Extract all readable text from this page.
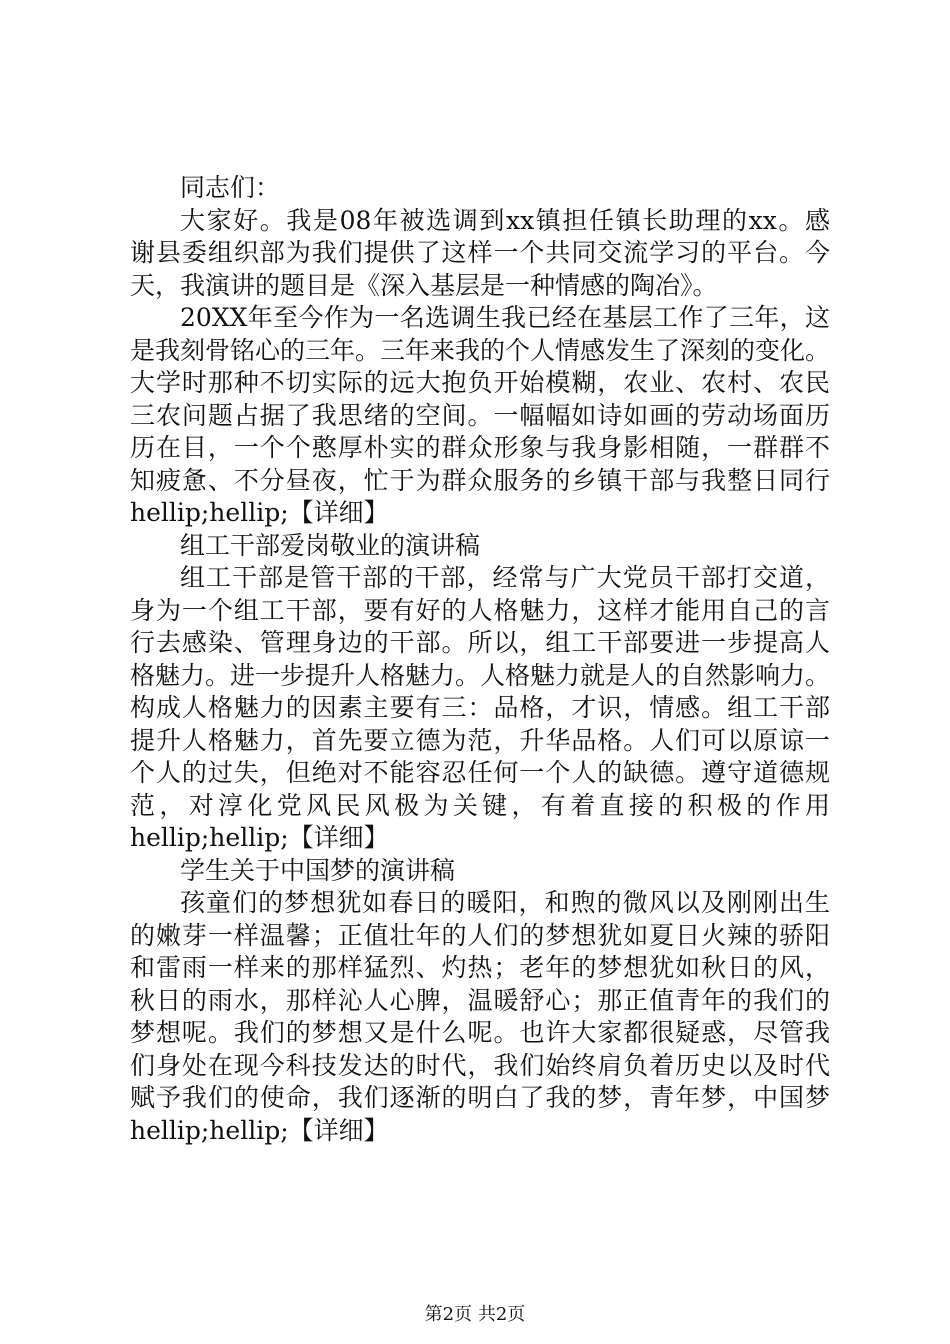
同志们：

大家好。我是08年被选调到xx镇担任镇长助理的xx。感
谢县委组织部为我们提供了这样一个共同交流学习的平台。今
天，我演讲的题目是《深入基层是一种情感的陶冶》。
20XX年至今作为一名选调生我已经在基层工作了三年，这
是我刻骨铭心的三年。三年来我的个人情感发生了深刻的变化。
大学时那种不切实际的远大抱负开始模糊，农业、农村、农民
三农问题占据了我思绪的空间。一幅幅如诗如画的劳动场面历
历在目，一个个憨厚朴实的群众形象与我身影相随，一群群不
知疲惫、不分昼夜，忙于为群众服务的乡镇干部与我整日同行
hellip;hellip;【详细】
组工干部爱岗敬业的演讲稿
组工干部是管干部的干部，经常与广大党员干部打交道，
身为一个组工干部，要有好的人格魅力，这样才能用自己的言
行去感染、管理身边的干部。所以，组工干部要进一步提高人
格魅力。进一步提升人格魅力。人格魅力就是人的自然影响力。
构成人格魅力的因素主要有三：品格，才识，情感。组工干部
提升人格魅力，首先要立德为范，升华品格。人们可以原谅一
个人的过失，但绝对不能容忍任何一个人的缺德。遵守道德规
范，对淳化党风民风极为关键，有着直接的积极的作用
hellip;hellip;【详细】
学生关于中国梦的演讲稿
孩童们的梦想犹如春日的暖阳，和煦的微风以及刚刚出生
的嫩芽一样温馨；正值壮年的人们的梦想犹如夏日火辣的骄阳
和雷雨一样来的那样猛烈、灼热；老年的梦想犹如秋日的风，
秋日的雨水，那样沁人心脾，温暖舒心；那正值青年的我们的
梦想呢。我们的梦想又是什么呢。也许大家都很疑惑，尽管我
们身处在现今科技发达的时代，我们始终肩负着历史以及时代
赋予我们的使命，我们逐渐的明白了我的梦，青年梦，中国梦
hellip;hellip;【详细】
第2页 共2页
